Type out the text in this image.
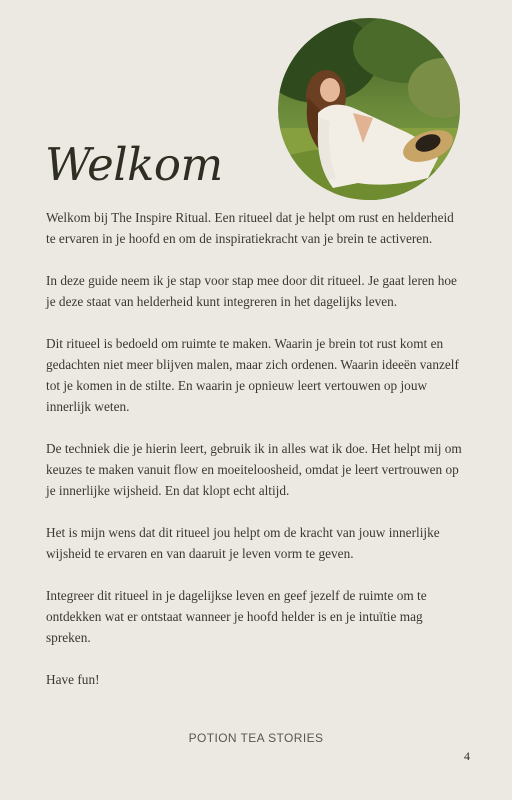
Welkom

Welkom bij The Inspire Ritual. Een ritueel dat je helpt om rust en helderheid te ervaren in je hoofd en om de inspiratiekracht van je brein te activeren.

In deze guide neem ik je stap voor stap mee door dit ritueel. Je gaat leren hoe je deze staat van helderheid kunt integreren in het dagelijks leven.

Dit ritueel is bedoeld om ruimte te maken. Waarin je brein tot rust komt en gedachten niet meer blijven malen, maar zich ordenen. Waarin ideeën vanzelf tot je komen in de stilte. En waarin je opnieuw leert vertouwen op jouw innerlijk weten.

De techniek die je hierin leert, gebruik ik in alles wat ik doe. Het helpt mij om keuzes te maken vanuit flow en moeiteloosheid, omdat je leert vertrouwen op je innerlijke wijsheid. En dat klopt echt altijd.

Het is mijn wens dat dit ritueel jou helpt om de kracht van jouw innerlijke wijsheid te ervaren en van daaruit je leven vorm te geven.

Integreer dit ritueel in je dagelijkse leven en geef jezelf de ruimte om te ontdekken wat er ontstaat wanneer je hoofd helder is en je intuïtie mag spreken.

Have fun!

POTION TEA STORIES
4
